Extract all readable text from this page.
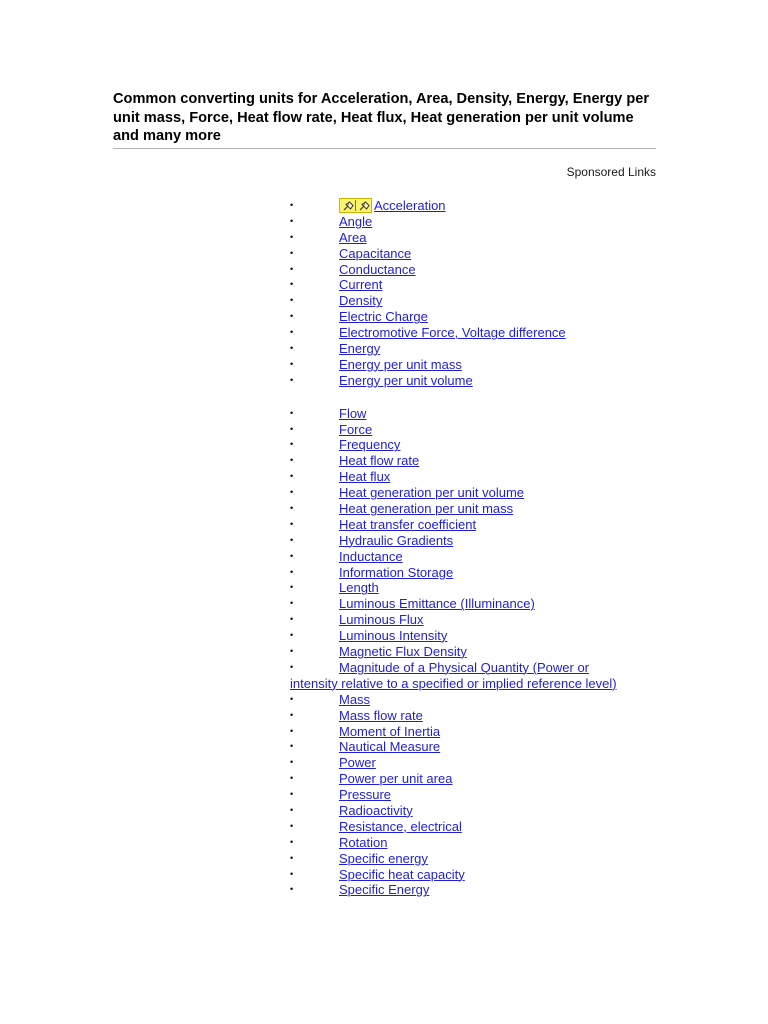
Common converting units for Acceleration, Area, Density, Energy, Energy per unit mass, Force, Heat flow rate, Heat flux, Heat generation per unit volume and many more
Sponsored Links
•	Acceleration
•	Angle
•	Area
•	Capacitance
•	Conductance
•	Current
•	Density
•	Electric Charge
•	Electromotive Force, Voltage difference
•	Energy
•	Energy per unit mass
•	Energy per unit volume
•	Flow
•	Force
•	Frequency
•	Heat flow rate
•	Heat flux
•	Heat generation per unit volume
•	Heat generation per unit mass
•	Heat transfer coefficient
•	Hydraulic Gradients
•	Inductance
•	Information Storage
•	Length
•	Luminous Emittance (Illuminance)
•	Luminous Flux
•	Luminous Intensity
•	Magnetic Flux Density
•	Magnitude of a Physical Quantity (Power or
intensity relative to a specified or implied reference level)
•	Mass
•	Mass flow rate
•	Moment of Inertia
•	Nautical Measure
•	Power
•	Power per unit area
•	Pressure
•	Radioactivity
•	Resistance, electrical
•	Rotation
•	Specific energy
•	Specific heat capacity
•	Specific Energy
